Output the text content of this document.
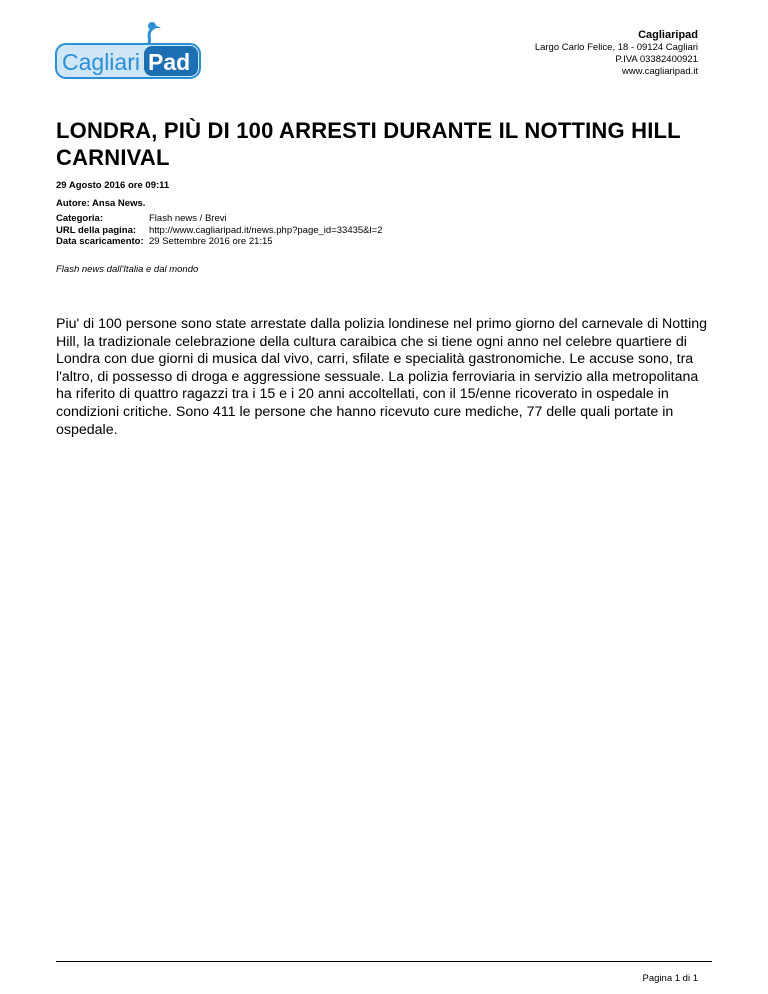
Cagliari Pad
Cagliaripad
Largo Carlo Felice, 18 - 09124 Cagliari
P.IVA 03382400921
www.cagliaripad.it
LONDRA, PIÙ DI 100 ARRESTI DURANTE IL NOTTING HILL CARNIVAL
29 Agosto 2016 ore 09:11
Autore: Ansa News.
Categoria:	Flash news / Brevi
URL della pagina:	http://www.cagliaripad.it/news.php?page_id=33435&l=2
Data scaricamento: 29 Settembre 2016 ore 21:15
Flash news dall'Italia e dal mondo

Piu' di 100 persone sono state arrestate dalla polizia londinese nel primo giorno del carnevale di Notting Hill, la tradizionale celebrazione della cultura caraibica che si tiene ogni anno nel celebre quartiere di Londra con due giorni di musica dal vivo, carri, sfilate e specialità gastronomiche. Le accuse sono, tra l'altro, di possesso di droga e aggressione sessuale. La polizia ferroviaria in servizio alla metropolitana ha riferito di quattro ragazzi tra i 15 e i 20 anni accoltellati, con il 15/enne ricoverato in ospedale in condizioni critiche. Sono 411 le persone che hanno ricevuto cure mediche, 77 delle quali portate in ospedale.

Pagina 1 di 1
